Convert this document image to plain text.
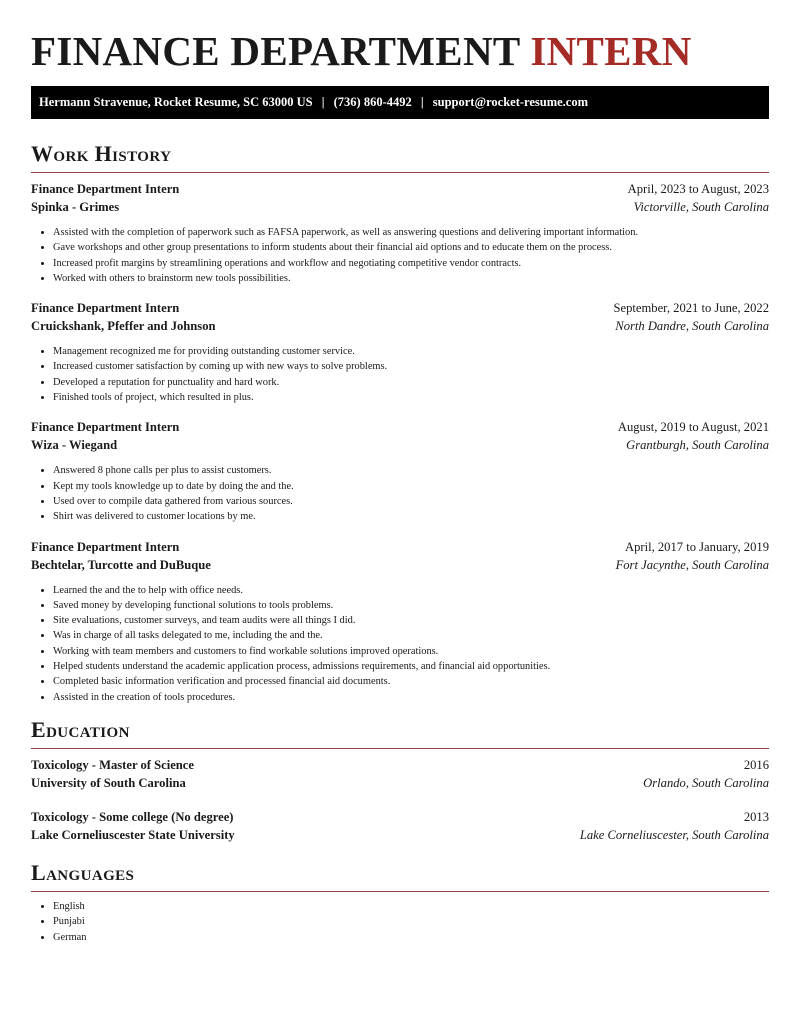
FINANCE DEPARTMENT INTERN
Hermann Stravenue, Rocket Resume, SC 63000 US | (736) 860-4492 | support@rocket-resume.com
Work History
Finance Department Intern	April, 2023 to August, 2023
Spinka - Grimes	Victorville, South Carolina
• Assisted with the completion of paperwork such as FAFSA paperwork, as well as answering questions and delivering important information.
• Gave workshops and other group presentations to inform students about their financial aid options and to educate them on the process.
• Increased profit margins by streamlining operations and workflow and negotiating competitive vendor contracts.
• Worked with others to brainstorm new tools possibilities.
Finance Department Intern	September, 2021 to June, 2022
Cruickshank, Pfeffer and Johnson	North Dandre, South Carolina
• Management recognized me for providing outstanding customer service.
• Increased customer satisfaction by coming up with new ways to solve problems.
• Developed a reputation for punctuality and hard work.
• Finished tools of project, which resulted in plus.
Finance Department Intern	August, 2019 to August, 2021
Wiza - Wiegand	Grantburgh, South Carolina
• Answered 8 phone calls per plus to assist customers.
• Kept my tools knowledge up to date by doing the and the.
• Used over to compile data gathered from various sources.
• Shirt was delivered to customer locations by me.
Finance Department Intern	April, 2017 to January, 2019
Bechtelar, Turcotte and DuBuque	Fort Jacynthe, South Carolina
• Learned the and the to help with office needs.
• Saved money by developing functional solutions to tools problems.
• Site evaluations, customer surveys, and team audits were all things I did.
• Was in charge of all tasks delegated to me, including the and the.
• Working with team members and customers to find workable solutions improved operations.
• Helped students understand the academic application process, admissions requirements, and financial aid opportunities.
• Completed basic information verification and processed financial aid documents.
• Assisted in the creation of tools procedures.
Education
Toxicology - Master of Science	2016
University of South Carolina	Orlando, South Carolina
Toxicology - Some college (No degree)	2013
Lake Corneliuscester State University	Lake Corneliuscester, South Carolina
Languages
• English
• Punjabi
• German
